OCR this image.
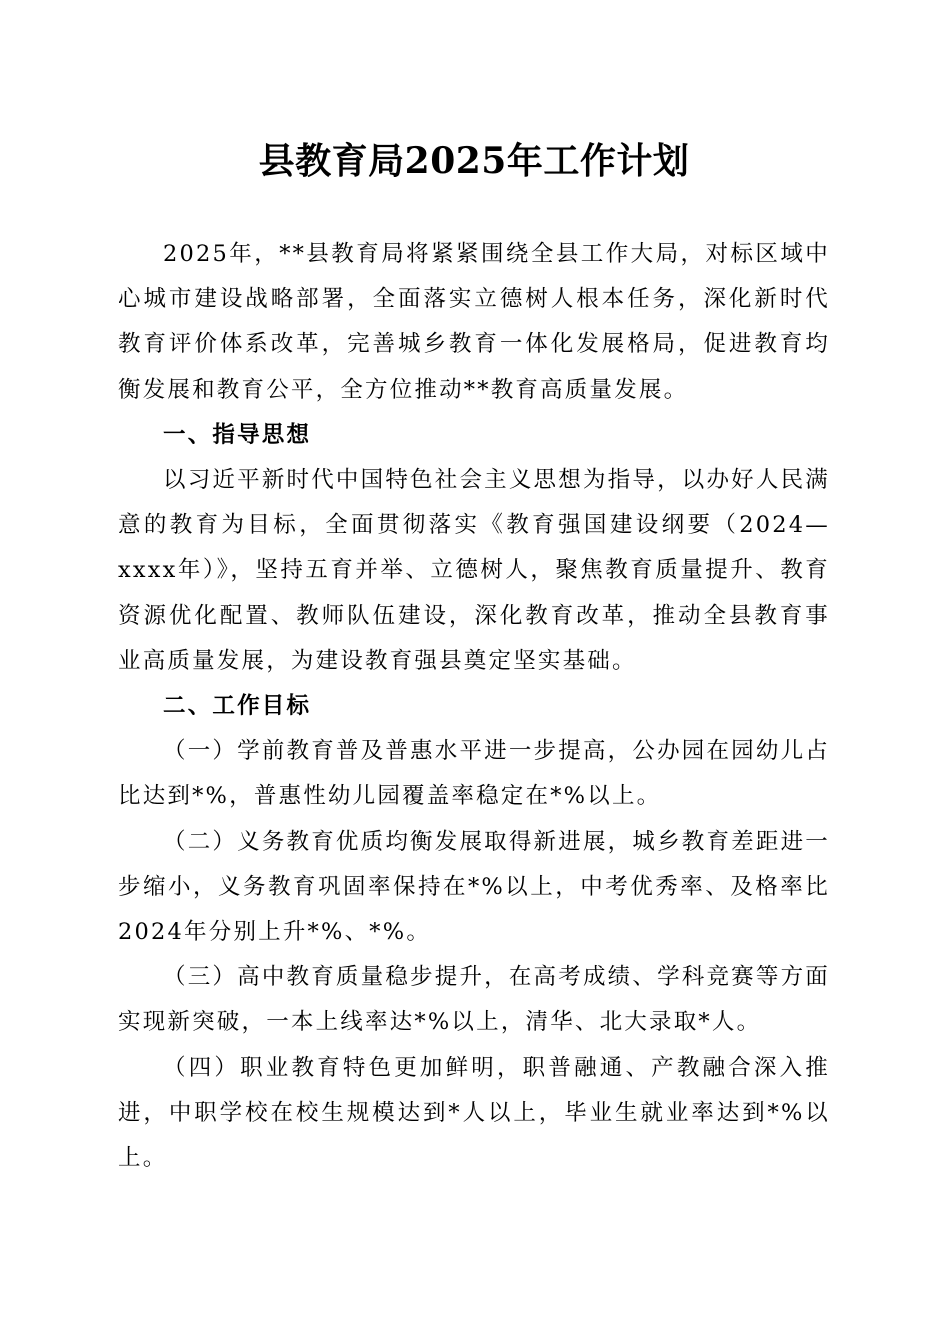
县教育局2025年工作计划

2025年，**县教育局将紧紧围绕全县工作大局，对标区域中心城市建设战略部署，全面落实立德树人根本任务，深化新时代教育评价体系改革，完善城乡教育一体化发展格局，促进教育均衡发展和教育公平，全方位推动**教育高质量发展。

一、指导思想

以习近平新时代中国特色社会主义思想为指导，以办好人民满意的教育为目标，全面贯彻落实《教育强国建设纲要（2024—xxxx年）》，坚持五育并举、立德树人，聚焦教育质量提升、教育资源优化配置、教师队伍建设，深化教育改革，推动全县教育事业高质量发展，为建设教育强县奠定坚实基础。

二、工作目标

（一）学前教育普及普惠水平进一步提高，公办园在园幼儿占比达到*%，普惠性幼儿园覆盖率稳定在*%以上。

（二）义务教育优质均衡发展取得新进展，城乡教育差距进一步缩小，义务教育巩固率保持在*%以上，中考优秀率、及格率比2024年分别上升*%、*%。

（三）高中教育质量稳步提升，在高考成绩、学科竞赛等方面实现新突破，一本上线率达*%以上，清华、北大录取*人。

（四）职业教育特色更加鲜明，职普融通、产教融合深入推进，中职学校在校生规模达到*人以上，毕业生就业率达到*%以上。
